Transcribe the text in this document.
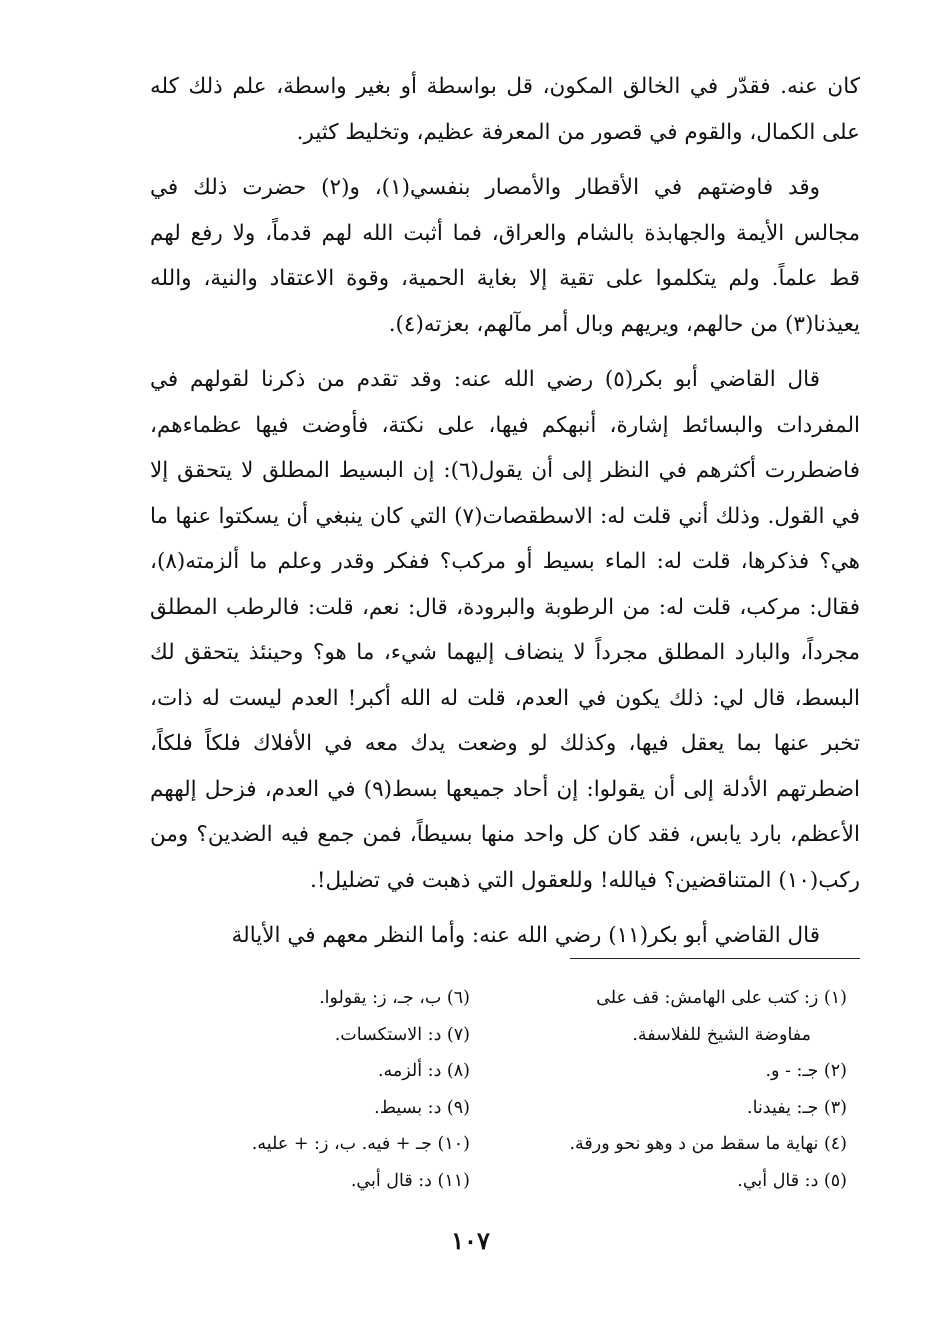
كان عنه. فقدّر في الخالق المكون، قل بواسطة أو بغير واسطة، علم ذلك كله على الكمال، والقوم في قصور من المعرفة عظيم، وتخليط كثير.

وقد فاوضتهم في الأقطار والأمصار بنفسي(١)، و(٢) حضرت ذلك في مجالس الأيمة والجهابذة بالشام والعراق، فما أثبت الله لهم قدماً، ولا رفع لهم قط علماً. ولم يتكلموا على تقية إلا بغاية الحمية، وقوة الاعتقاد والنية، والله يعيذنا(٣) من حالهم، ويريهم وبال أمر مآلهم، بعزته(٤).

قال القاضي أبو بكر(٥) رضي الله عنه: وقد تقدم من ذكرنا لقولهم في المفردات والبسائط إشارة، أنبهكم فيها، على نكتة، فأوضت فيها عظماءهم، فاضطررت أكثرهم في النظر إلى أن يقول(٦): إن البسيط المطلق لا يتحقق إلا في القول. وذلك أني قلت له: الاسطقصات(٧) التي كان ينبغي أن يسكتوا عنها ما هي؟ فذكرها، قلت له: الماء بسيط أو مركب؟ ففكر وقدر وعلم ما ألزمته(٨)، فقال: مركب، قلت له: من الرطوبة والبرودة، قال: نعم، قلت: فالرطب المطلق مجرداً، والبارد المطلق مجرداً لا ينضاف إليهما شيء، ما هو؟ وحينئذ يتحقق لك البسط، قال لي: ذلك يكون في العدم، قلت له الله أكبر! العدم ليست له ذات، تخبر عنها بما يعقل فيها، وكذلك لو وضعت يدك معه في الأفلاك فلكاً فلكاً، اضطرتهم الأدلة إلى أن يقولوا: إن أحاد جميعها بسط(٩) في العدم، فزحل إلههم الأعظم، بارد يابس، فقد كان كل واحد منها بسيطاً، فمن جمع فيه الضدين؟ ومن ركب(١٠) المتناقضين؟ فيالله! وللعقول التي ذهبت في تضليل!.

قال القاضي أبو بكر(١١) رضي الله عنه: وأما النظر معهم في الأيالة

(١) ز: كتب على الهامش: قف على
مفاوضة الشيخ للفلاسفة.
(٢) جـ: - و.
(٣) جـ: يفيدنا.
(٤) نهاية ما سقط من د وهو نحو ورقة.
(٥) د: قال أبي.
(٦) ب، جـ، ز: يقولوا.
(٧) د: الاستكسات.
(٨) د: ألزمه.
(٩) د: بسيط.
(١٠) جـ + فيه. ب، ز: + عليه.
(١١) د: قال أبي.
١٠٧
